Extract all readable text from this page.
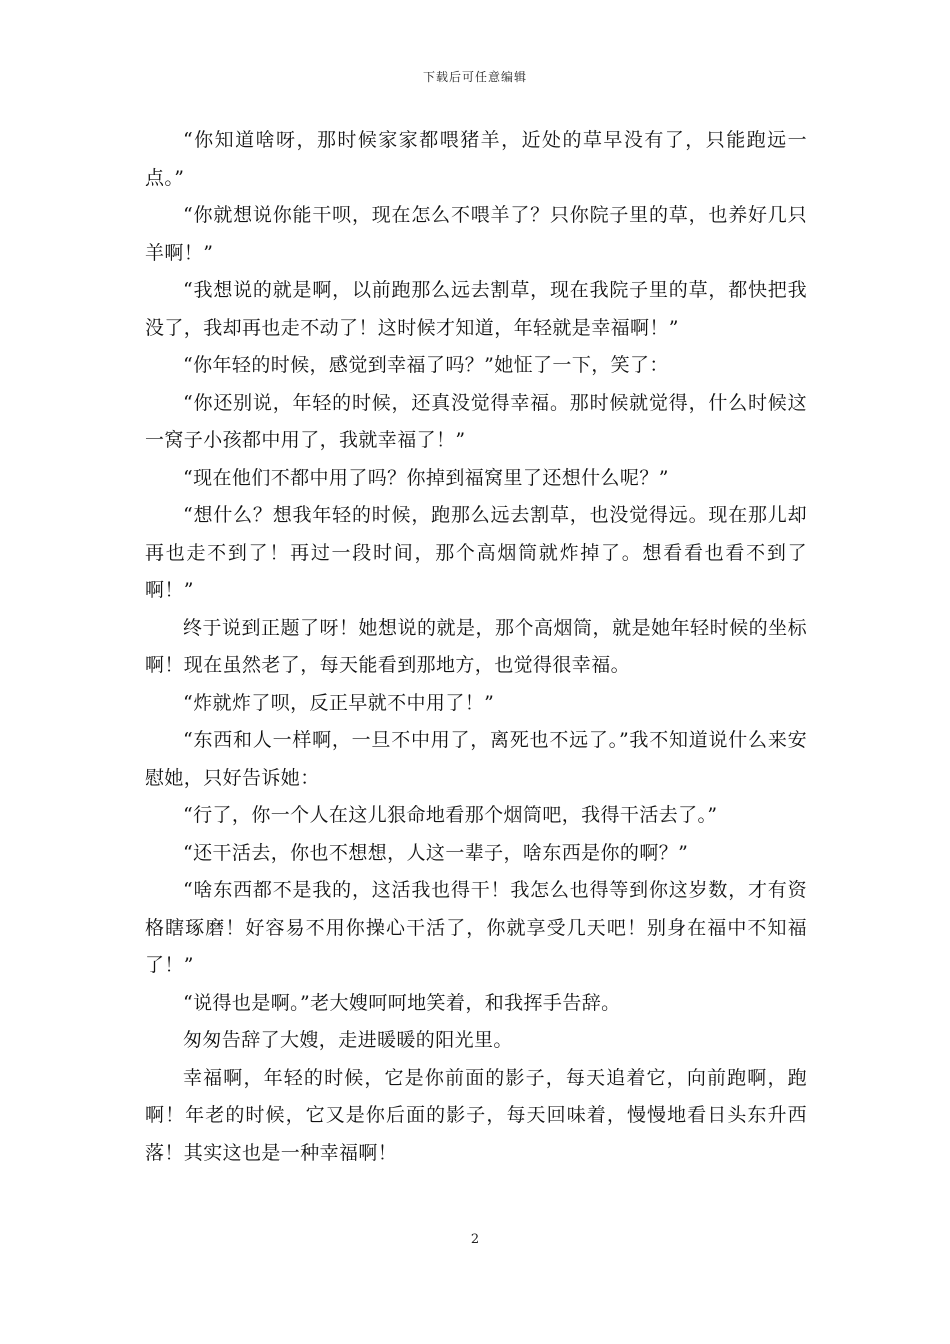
下载后可任意编辑

“你知道啥呀，那时候家家都喂猪羊，近处的草早没有了，只能跑远一点。”

“你就想说你能干呗，现在怎么不喂羊了？只你院子里的草，也养好几只羊啊！”

“我想说的就是啊，以前跑那么远去割草，现在我院子里的草，都快把我没了，我却再也走不动了！这时候才知道，年轻就是幸福啊！”

“你年轻的时候，感觉到幸福了吗？”她怔了一下，笑了：

“你还别说，年轻的时候，还真没觉得幸福。那时候就觉得，什么时候这一窝子小孩都中用了，我就幸福了！”

“现在他们不都中用了吗？你掉到福窝里了还想什么呢？”

“想什么？想我年轻的时候，跑那么远去割草，也没觉得远。现在那儿却再也走不到了！再过一段时间，那个高烟筒就炸掉了。想看看也看不到了啊！”

终于说到正题了呀！她想说的就是，那个高烟筒，就是她年轻时候的坐标啊！现在虽然老了，每天能看到那地方，也觉得很幸福。

“炸就炸了呗，反正早就不中用了！”

“东西和人一样啊，一旦不中用了，离死也不远了。”我不知道说什么来安慰她，只好告诉她：

“行了，你一个人在这儿狠命地看那个烟筒吧，我得干活去了。”

“还干活去，你也不想想，人这一辈子，啥东西是你的啊？”

“啥东西都不是我的，这活我也得干！我怎么也得等到你这岁数，才有资格瞎琢磨！好容易不用你操心干活了，你就享受几天吧！别身在福中不知福了！”

“说得也是啊。”老大嫂呵呵地笑着，和我挥手告辞。

匆匆告辞了大嫂，走进暖暖的阳光里。

幸福啊，年轻的时候，它是你前面的影子，每天追着它，向前跑啊，跑啊！年老的时候，它又是你后面的影子，每天回味着，慢慢地看日头东升西落！其实这也是一种幸福啊！

2
